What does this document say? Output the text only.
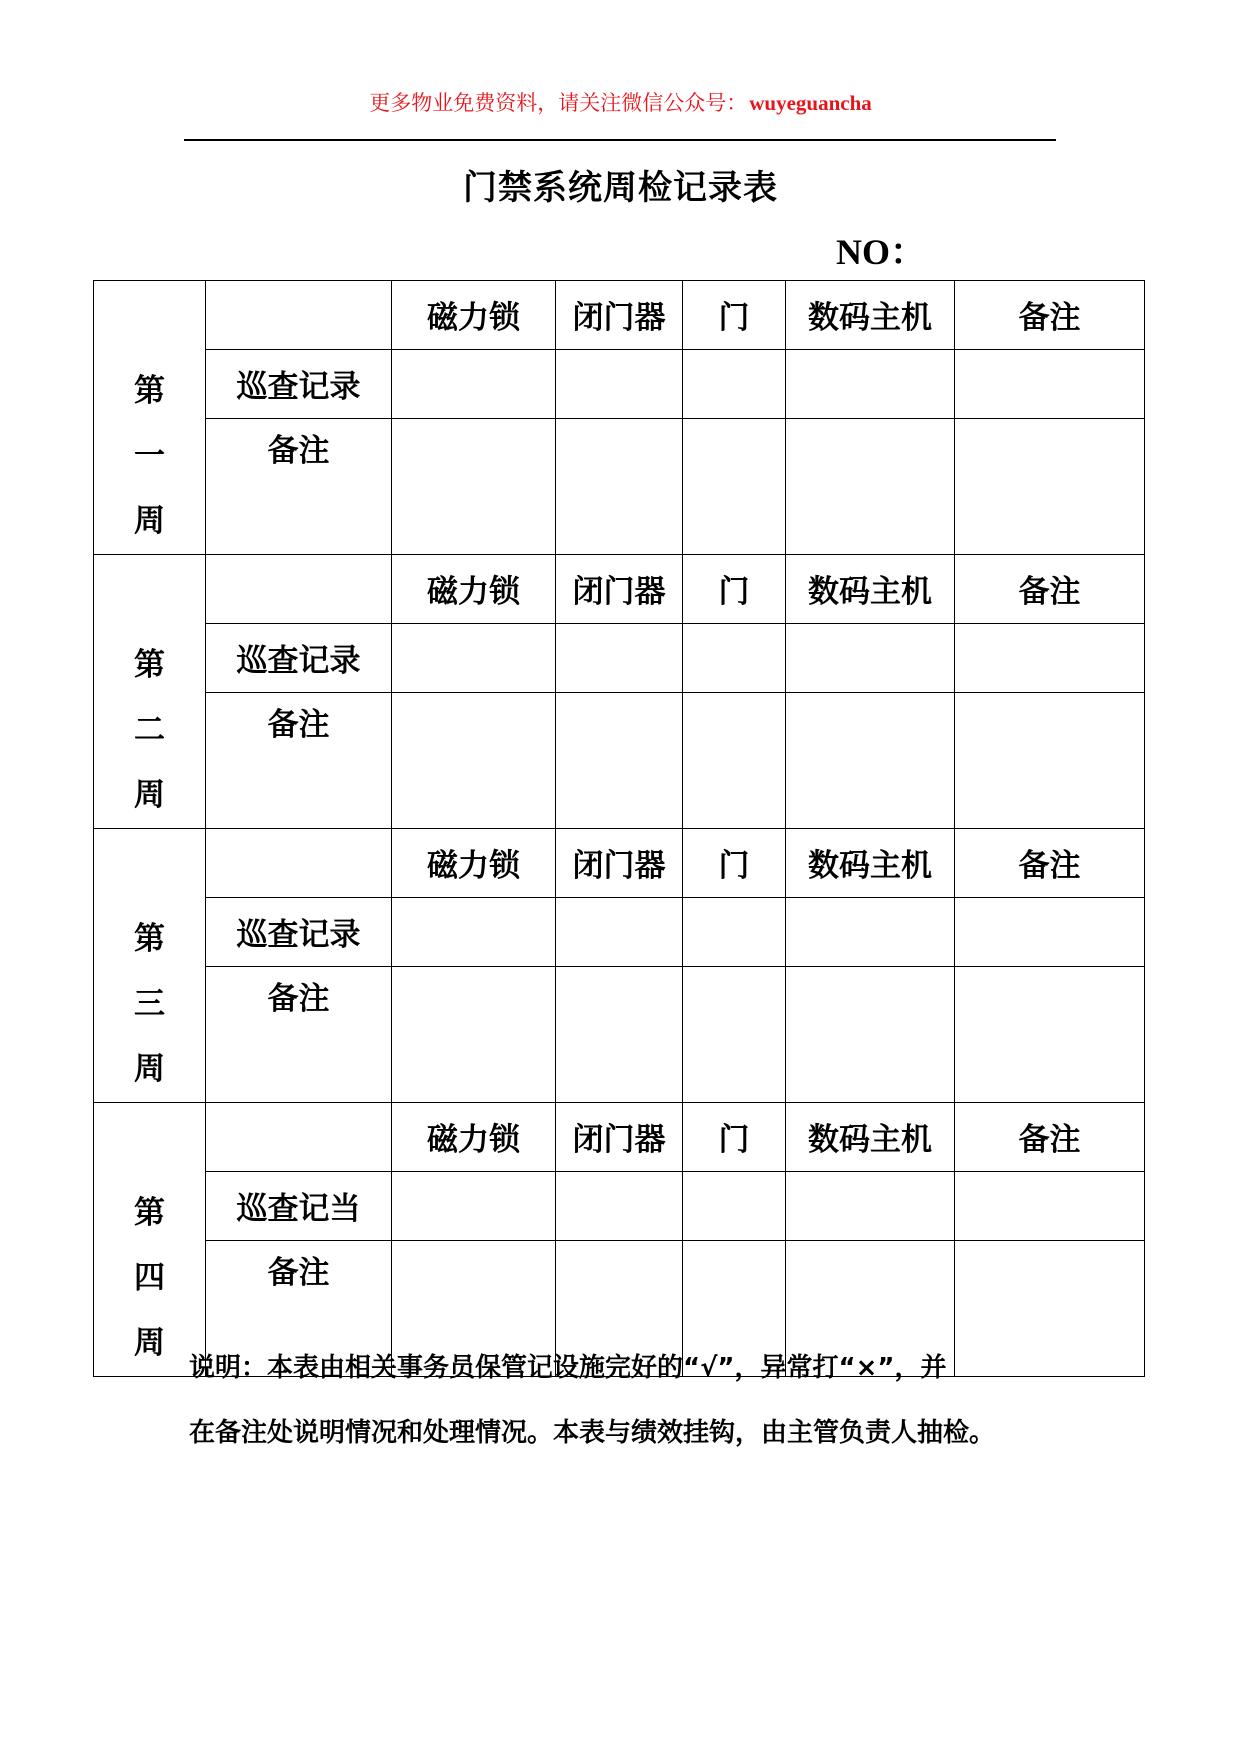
更多物业免费资料，请关注微信公众号：wuyeguancha
门禁系统周检记录表
NO：
第
一
周		磁力锁	闭门器	门	数码主机	备注
	巡查记录					
	备注					

第
二
周		磁力锁	闭门器	门	数码主机	备注
	巡查记录					
	备注					

第
三
周		磁力锁	闭门器	门	数码主机	备注
	巡查记录					
	备注					

第
四
周		磁力锁	闭门器	门	数码主机	备注
	巡查记当					
	备注					

说明：本表由相关事务员保管记设施完好的“√”，异常打“×”，并

在备注处说明情况和处理情况。本表与绩效挂钩，由主管负责人抽检。
